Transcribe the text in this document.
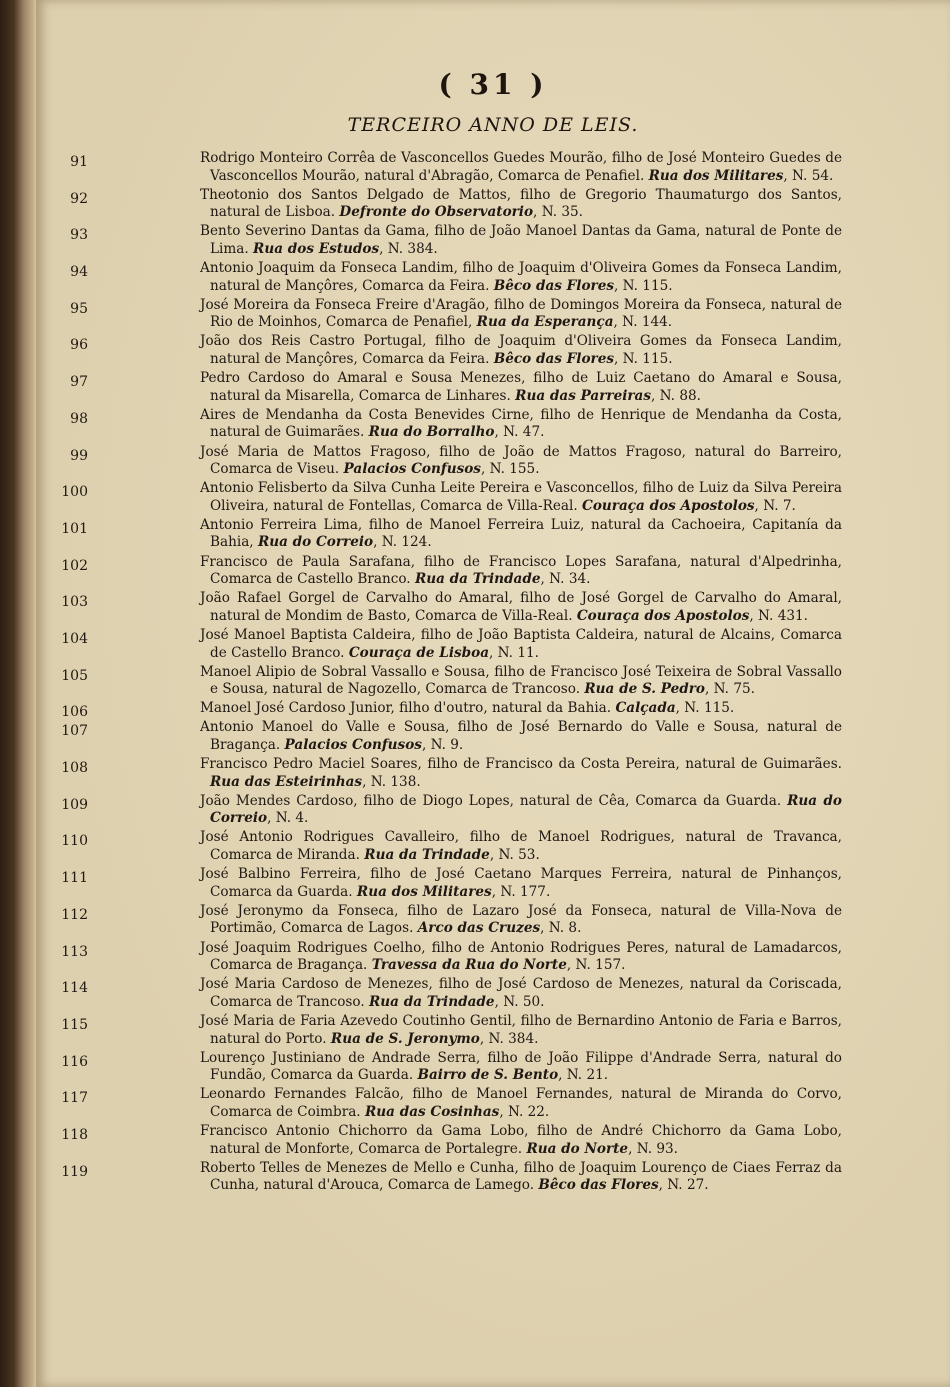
( 31 )
TERCEIRO ANNO DE LEIS.
91	Rodrigo Monteiro Corrêa de Vasconcellos Guedes Mourão, filho de José Monteiro Guedes de Vasconcellos Mourão, natural d'Abragão, Comarca de Penafiel. Rua dos Militares, N. 54.
92	Theotonio dos Santos Delgado de Mattos, filho de Gregorio Thaumaturgo dos Santos, natural de Lisboa. Defronte do Observatorio, N. 35.
93	Bento Severino Dantas da Gama, filho de João Manoel Dantas da Gama, natural de Ponte de Lima. Rua dos Estudos, N. 384.
94	Antonio Joaquim da Fonseca Landim, filho de Joaquim d'Oliveira Gomes da Fonseca Landim, natural de Mançôres, Comarca da Feira. Bêco das Flores, N. 115.
95	José Moreira da Fonseca Freire d'Aragão, filho de Domingos Moreira da Fonseca, natural de Rio de Moinhos, Comarca de Penafiel, Rua da Esperança, N. 144.
96	João dos Reis Castro Portugal, filho de Joaquim d'Oliveira Gomes da Fonseca Landim, natural de Mançôres, Comarca da Feira. Bêco das Flores, N. 115.
97	Pedro Cardoso do Amaral e Sousa Menezes, filho de Luiz Caetano do Amaral e Sousa, natural da Misarella, Comarca de Linhares. Rua das Parreiras, N. 88.
98	Aires de Mendanha da Costa Benevides Cirne, filho de Henrique de Mendanha da Costa, natural de Guimarães. Rua do Borralho, N. 47.
99	José Maria de Mattos Fragoso, filho de João de Mattos Fragoso, natural do Barreiro, Comarca de Viseu. Palacios Confusos, N. 155.
100	Antonio Felisberto da Silva Cunha Leite Pereira e Vasconcellos, filho de Luiz da Silva Pereira Oliveira, natural de Fontellas, Comarca de Villa-Real. Couraça dos Apostolos, N. 7.
101	Antonio Ferreira Lima, filho de Manoel Ferreira Luiz, natural da Cachoeira, Capitanía da Bahia, Rua do Correio, N. 124.
102	Francisco de Paula Sarafana, filho de Francisco Lopes Sarafana, natural d'Alpedrinha, Comarca de Castello Branco. Rua da Trindade, N. 34.
103	João Rafael Gorgel de Carvalho do Amaral, filho de José Gorgel de Carvalho do Amaral, natural de Mondim de Basto, Comarca de Villa-Real. Couraça dos Apostolos, N. 431.
104	José Manoel Baptista Caldeira, filho de João Baptista Caldeira, natural de Alcains, Comarca de Castello Branco. Couraça de Lisboa, N. 11.
105	Manoel Alipio de Sobral Vassallo e Sousa, filho de Francisco José Teixeira de Sobral Vassallo e Sousa, natural de Nagozello, Comarca de Trancoso. Rua de S. Pedro, N. 75.
106	Manoel José Cardoso Junior, filho d'outro, natural da Bahia. Calçada, N. 115.
107	Antonio Manoel do Valle e Sousa, filho de José Bernardo do Valle e Sousa, natural de Bragança. Palacios Confusos, N. 9.
108	Francisco Pedro Maciel Soares, filho de Francisco da Costa Pereira, natural de Guimarães. Rua das Esteirinhas, N. 138.
109	João Mendes Cardoso, filho de Diogo Lopes, natural de Cêa, Comarca da Guarda. Rua do Correio, N. 4.
110	José Antonio Rodrigues Cavalleiro, filho de Manoel Rodrigues, natural de Travanca, Comarca de Miranda. Rua da Trindade, N. 53.
111	José Balbino Ferreira, filho de José Caetano Marques Ferreira, natural de Pinhanços, Comarca da Guarda. Rua dos Militares, N. 177.
112	José Jeronymo da Fonseca, filho de Lazaro José da Fonseca, natural de Villa-Nova de Portimão, Comarca de Lagos. Arco das Cruzes, N. 8.
113	José Joaquim Rodrigues Coelho, filho de Antonio Rodrigues Peres, natural de Lamadarcos, Comarca de Bragança. Travessa da Rua do Norte, N. 157.
114	José Maria Cardoso de Menezes, filho de José Cardoso de Menezes, natural da Coriscada, Comarca de Trancoso. Rua da Trindade, N. 50.
115	José Maria de Faria Azevedo Coutinho Gentil, filho de Bernardino Antonio de Faria e Barros, natural do Porto. Rua de S. Jeronymo, N. 384.
116	Lourenço Justiniano de Andrade Serra, filho de João Filippe d'Andrade Serra, natural do Fundão, Comarca da Guarda. Bairro de S. Bento, N. 21.
117	Leonardo Fernandes Falcão, filho de Manoel Fernandes, natural de Miranda do Corvo, Comarca de Coimbra. Rua das Cosinhas, N. 22.
118	Francisco Antonio Chichorro da Gama Lobo, filho de André Chichorro da Gama Lobo, natural de Monforte, Comarca de Portalegre. Rua do Norte, N. 93.
119	Roberto Telles de Menezes de Mello e Cunha, filho de Joaquim Lourenço de Ciaes Ferraz da Cunha, natural d'Arouca, Comarca de Lamego. Bêco das Flores, N. 27.
